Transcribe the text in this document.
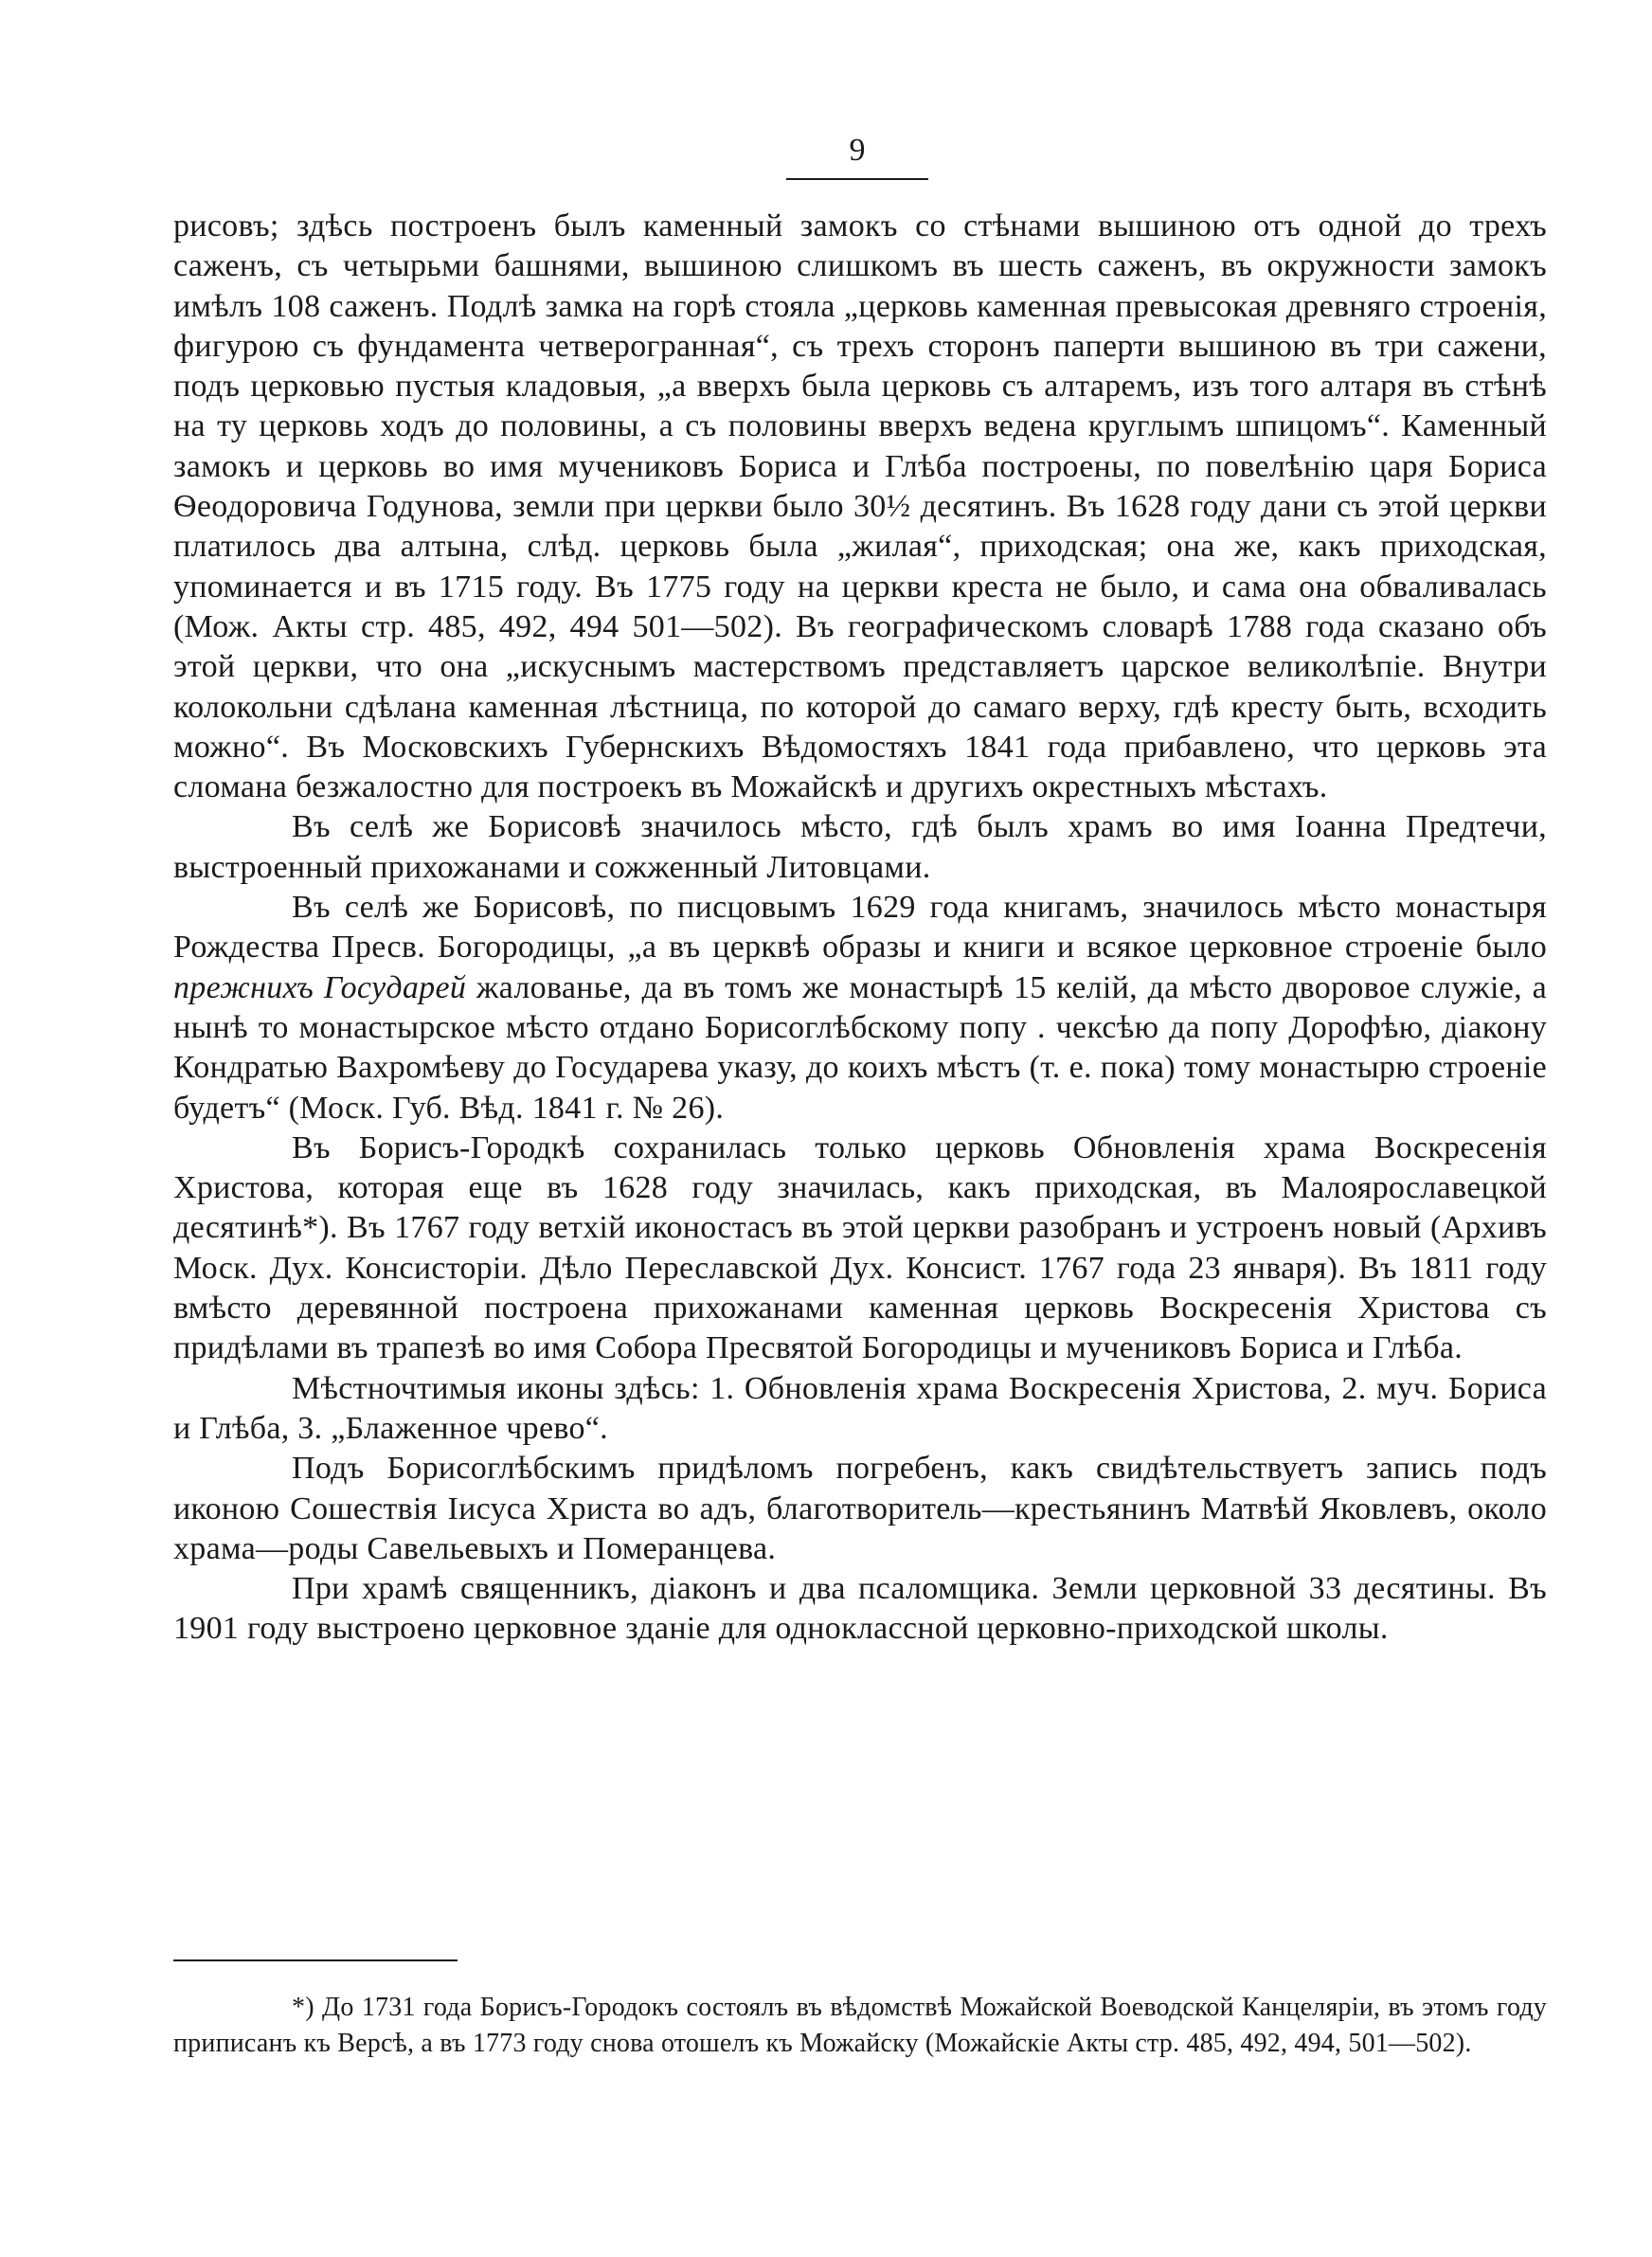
9

рисовъ; здѣсь построенъ былъ каменный замокъ со стѣнами вышиною отъ одной до трехъ саженъ, съ четырьми башнями, вышиною слишкомъ въ шесть саженъ, въ окружности замокъ имѣлъ 108 саженъ. Подлѣ замка на горѣ стояла „церковь каменная превысокая древняго строенія, фигурою съ фундамента четверогранная“, съ трехъ сторонъ паперти вышиною въ три сажени, подъ церковью пустыя кладовыя, „а вверхъ была церковь съ алтаремъ, изъ того алтаря въ стѣнѣ на ту церковь ходъ до половины, а съ половины вверхъ ведена круглымъ шпицомъ“. Каменный замокъ и церковь во имя мучениковъ Бориса и Глѣба построены, по повелѣнію царя Бориса Ѳеодоровича Годунова, земли при церкви было 30½ десятинъ. Въ 1628 году дани съ этой церкви платилось два алтына, слѣд. церковь была „жилая“, приходская; она же, какъ приходская, упоминается и въ 1715 году. Въ 1775 году на церкви креста не было, и сама она обваливалась (Мож. Акты стр. 485, 492, 494 501—502). Въ географическомъ словарѣ 1788 года сказано объ этой церкви, что она „искуснымъ мастерствомъ представляетъ царское великолѣпіе. Внутри колокольни сдѣлана каменная лѣстница, по которой до самаго верху, гдѣ кресту быть, всходить можно“. Въ Московскихъ Губернскихъ Вѣдомостяхъ 1841 года прибавлено, что церковь эта сломана безжалостно для построекъ въ Можайскѣ и другихъ окрестныхъ мѣстахъ.

Въ селѣ же Борисовѣ значилось мѣсто, гдѣ былъ храмъ во имя Іоанна Предтечи, выстроенный прихожанами и сожженный Литовцами.

Въ селѣ же Борисовѣ, по писцовымъ 1629 года книгамъ, значилось мѣсто монастыря Рождества Пресв. Богородицы, „а въ церквѣ образы и книги и всякое церковное строеніе было прежнихъ Государей жалованье, да въ томъ же монастырѣ 15 келій, да мѣсто дворовое служіе, а нынѣ то монастырское мѣсто отдано Борисоглѣбскому попу . чексѣю да попу Дорофѣю, діакону Кондратью Вахромѣеву до Государева указу, до коихъ мѣстъ (т. е. пока) тому монастырю строеніе будетъ“ (Моск. Губ. Вѣд. 1841 г. № 26).

Въ Борисъ-Городкѣ сохранилась только церковь Обновленія храма Воскресенія Христова, которая еще въ 1628 году значилась, какъ приходская, въ Малоярославецкой десятинѣ*). Въ 1767 году ветхій иконостасъ въ этой церкви разобранъ и устроенъ новый (Архивъ Моск. Дух. Консисторіи. Дѣло Переславской Дух. Консист. 1767 года 23 января). Въ 1811 году вмѣсто деревянной построена прихожанами каменная церковь Воскресенія Христова съ придѣлами въ трапезѣ во имя Собора Пресвятой Богородицы и мучениковъ Бориса и Глѣба.

Мѣстночтимыя иконы здѣсь: 1. Обновленія храма Воскресенія Христова, 2. муч. Бориса и Глѣба, 3. „Блаженное чрево“.

Подъ Борисоглѣбскимъ придѣломъ погребенъ, какъ свидѣтельствуетъ запись подъ иконою Сошествія Іисуса Христа во адъ, благотворитель—крестьянинъ Матвѣй Яковлевъ, около храма—роды Савельевыхъ и Померанцева.

При храмѣ священникъ, діаконъ и два псаломщика. Земли церковной 33 десятины. Въ 1901 году выстроено церковное зданіе для одноклассной церковно-приходской школы.

*) До 1731 года Борисъ-Городокъ состоялъ въ вѣдомствѣ Можайской Воеводской Канцеляріи, въ этомъ году приписанъ къ Версѣ, а въ 1773 году снова отошелъ къ Можайску (Можайскіе Акты стр. 485, 492, 494, 501—502).
